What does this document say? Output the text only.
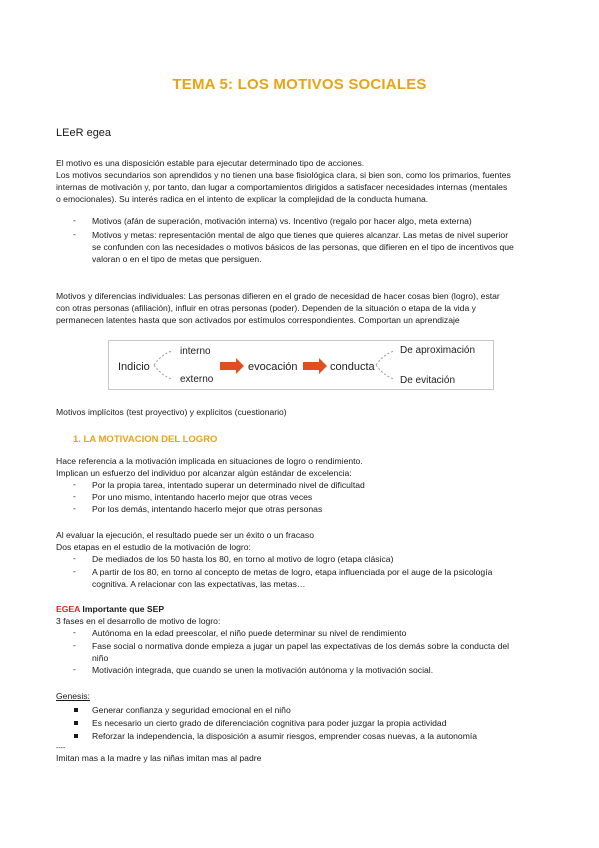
TEMA 5: LOS MOTIVOS SOCIALES
LEeR egea
El motivo es una disposición estable para ejecutar determinado tipo de acciones.
Los motivos secundarios son aprendidos y no tienen una base fisiológica clara, si bien son, como los primarios, fuentes
internas de motivación y, por tanto, dan lugar a comportamientos dirigidos a satisfacer necesidades internas (mentales
o emocionales). Su interés radica en el intento de explicar la complejidad de la conducta humana.
- Motivos (afán de superación, motivación interna) vs. Incentivo (regalo por hacer algo, meta externa)
- Motivos y metas: representación mental de algo que tienes que quieres alcanzar. Las metas de nivel superior
se confunden con las necesidades o motivos básicos de las personas, que difieren en el tipo de incentivos que
valoran o en el tipo de metas que persiguen.
Motivos y diferencias individuales: Las personas difieren en el grado de necesidad de hacer cosas bien (logro), estar
con otras personas (afiliación), influir en otras personas (poder). Dependen de la situación o etapa de la vida y
permanecen latentes hasta que son activados por estímulos correspondientes. Comportan un aprendizaje
Indicio
interno
externo
evocación	conducta
De aproximación
De evitación
Motivos implícitos (test proyectivo) y explícitos (cuestionario)
1. LA MOTIVACION DEL LOGRO
Hace referencia a la motivación implicada en situaciones de logro o rendimiento.
Implican un esfuerzo del individuo por alcanzar algún estándar de excelencia:
- Por la propia tarea, intentado superar un determinado nivel de dificultad
- Por uno mismo, intentando hacerlo mejor que otras veces
- Por los demás, intentando hacerlo mejor que otras personas
Al evaluar la ejecución, el resultado puede ser un éxito o un fracaso
Dos etapas en el estudio de la motivación de logro:
- De mediados de los 50 hasta los 80, en torno al motivo de logro (etapa clásica)
- A partir de los 80, en torno al concepto de metas de logro, etapa influenciada por el auge de la psicología
cognitiva. A relacionar con las expectativas, las metas…
EGEA Importante que SEP
3 fases en el desarrollo de motivo de logro:
- Autónoma en la edad preescolar, el niño puede determinar su nivel de rendimiento
- Fase social o normativa donde empieza a jugar un papel las expectativas de los demás sobre la conducta del
niño
- Motivación integrada, que cuando se unen la motivación autónoma y la motivación social.
Genesis:
Generar confianza y seguridad emocional en el niño
Es necesario un cierto grado de diferenciación cognitiva para poder juzgar la propia actividad
Reforzar la independencia, la disposición a asumir riesgos, emprender cosas nuevas, a la autonomía
----
Imitan mas a la madre y las niñas imitan mas al padre
